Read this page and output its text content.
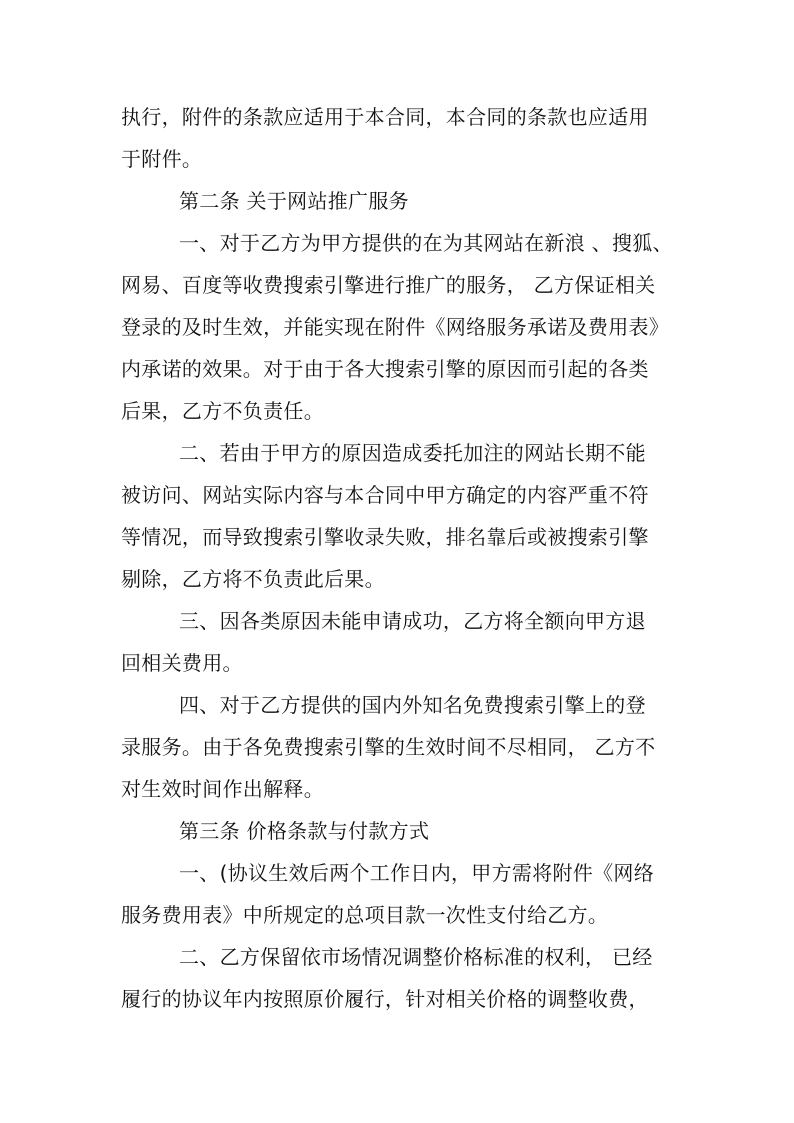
执行，附件的条款应适用于本合同，本合同的条款也应适用
于附件。

第二条 关于网站推广服务

一、对于乙方为甲方提供的在为其网站在新浪 、搜狐、
网易、百度等收费搜索引擎进行推广的服务， 乙方保证相关
登录的及时生效，并能实现在附件《网络服务承诺及费用表》
内承诺的效果。对于由于各大搜索引擎的原因而引起的各类
后果，乙方不负责任。

二、若由于甲方的原因造成委托加注的网站长期不能
被访问、网站实际内容与本合同中甲方确定的内容严重不符
等情况，而导致搜索引擎收录失败，排名靠后或被搜索引擎
剔除，乙方将不负责此后果。

三、因各类原因未能申请成功，乙方将全额向甲方退
回相关费用。

四、对于乙方提供的国内外知名免费搜索引擎上的登
录服务。由于各免费搜索引擎的生效时间不尽相同， 乙方不
对生效时间作出解释。

第三条 价格条款与付款方式

一、(协议生效后两个工作日内，甲方需将附件《网络
服务费用表》中所规定的总项目款一次性支付给乙方。

二、乙方保留依市场情况调整价格标准的权利， 已经
履行的协议年内按照原价履行，针对相关价格的调整收费，
